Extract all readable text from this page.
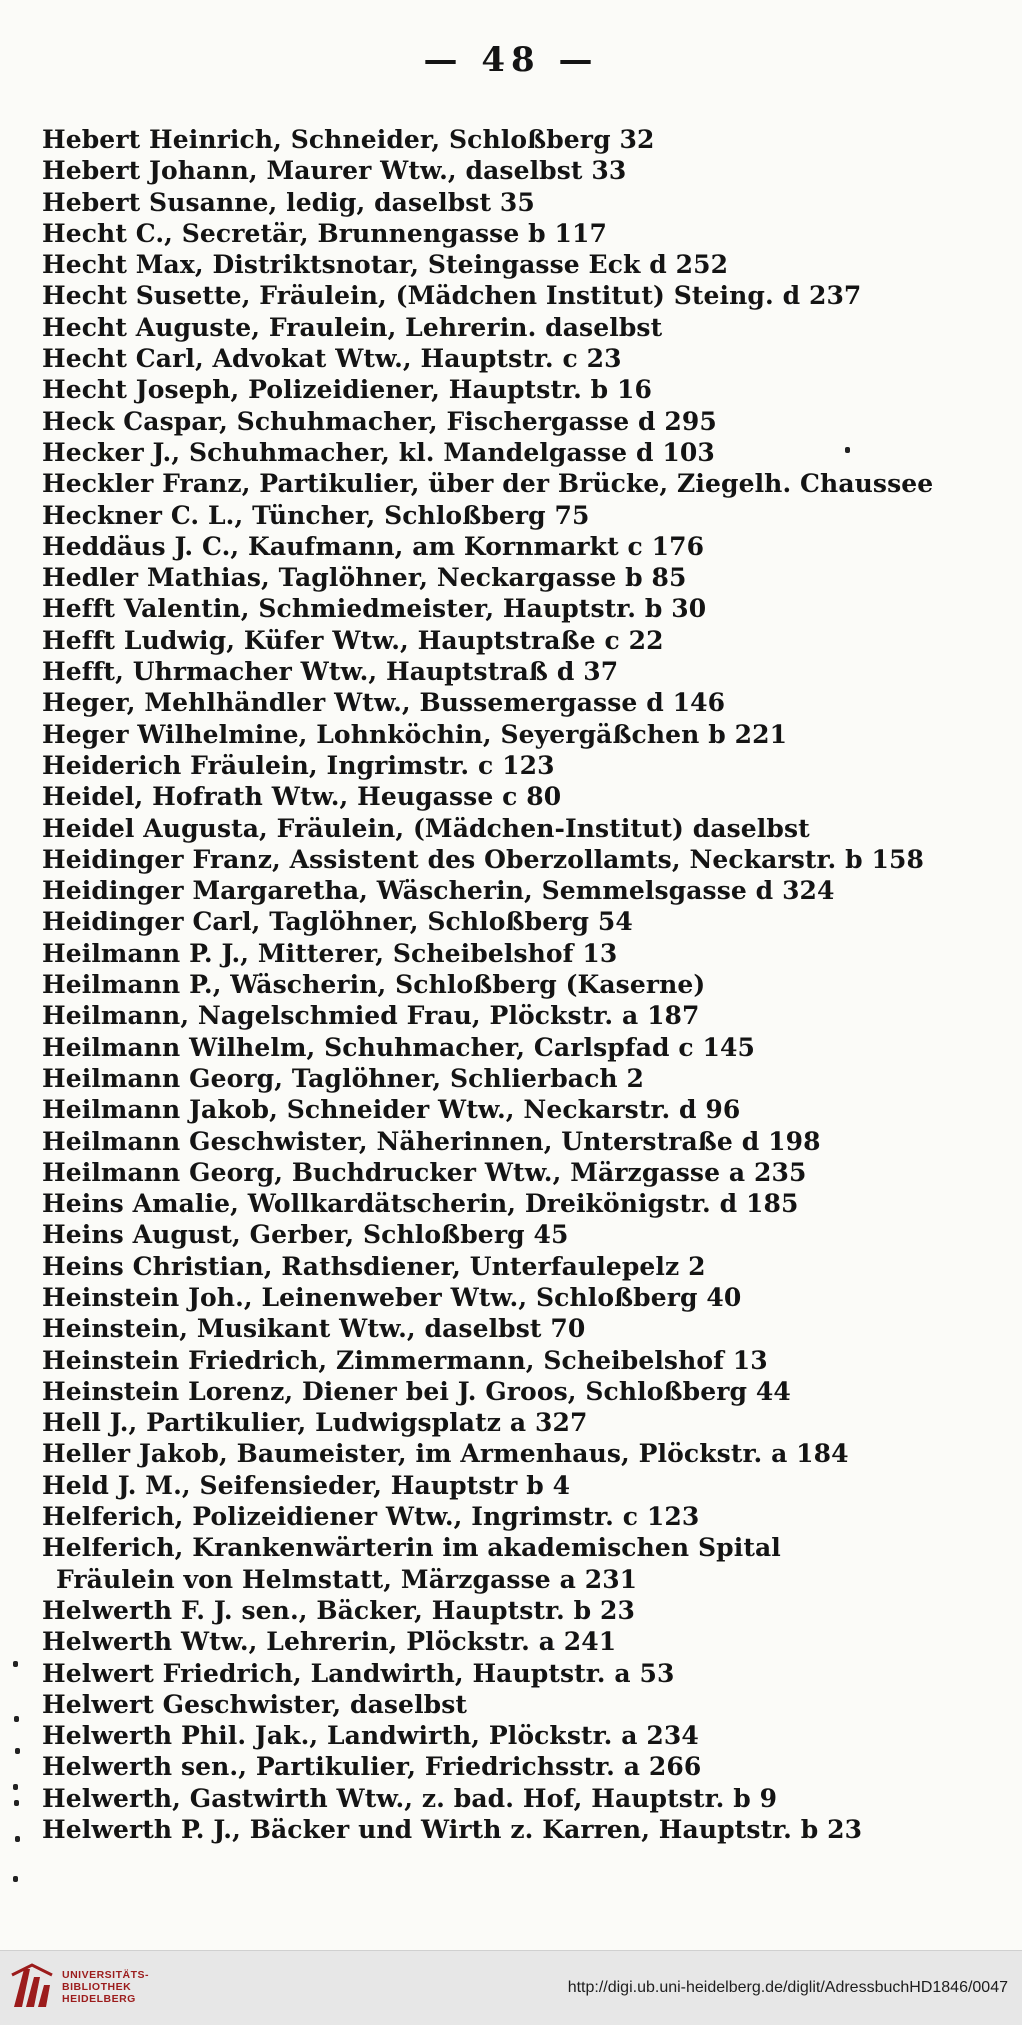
— 48 —
Hebert Heinrich, Schneider, Schloßberg 32
Hebert Johann, Maurer Wtw., daselbst 33
Hebert Susanne, ledig, daselbst 35
Hecht C., Secretär, Brunnengasse b 117
Hecht Max, Distriktsnotar, Steingasse Eck d 252
Hecht Susette, Fräulein, (Mädchen Institut) Steing. d 237
Hecht Auguste, Fraulein, Lehrerin. daselbst
Hecht Carl, Advokat Wtw., Hauptstr. c 23
Hecht Joseph, Polizeidiener, Hauptstr. b 16
Heck Caspar, Schuhmacher, Fischergasse d 295
Hecker J., Schuhmacher, kl. Mandelgasse d 103
Heckler Franz, Partikulier, über der Brücke, Ziegelh. Chaussee
Heckner C. L., Tüncher, Schloßberg 75
Heddäus J. C., Kaufmann, am Kornmarkt c 176
Hedler Mathias, Taglöhner, Neckargasse b 85
Hefft Valentin, Schmiedmeister, Hauptstr. b 30
Hefft Ludwig, Küfer Wtw., Hauptstraße c 22
Hefft, Uhrmacher Wtw., Hauptstraß d 37
Heger, Mehlhändler Wtw., Bussemergasse d 146
Heger Wilhelmine, Lohnköchin, Seyergäßchen b 221
Heiderich Fräulein, Ingrimstr. c 123
Heidel, Hofrath Wtw., Heugasse c 80
Heidel Augusta, Fräulein, (Mädchen-Institut) daselbst
Heidinger Franz, Assistent des Oberzollamts, Neckarstr. b 158
Heidinger Margaretha, Wäscherin, Semmelsgasse d 324
Heidinger Carl, Taglöhner, Schloßberg 54
Heilmann P. J., Mitterer, Scheibelshof 13
Heilmann P., Wäscherin, Schloßberg (Kaserne)
Heilmann, Nagelschmied Frau, Plöckstr. a 187
Heilmann Wilhelm, Schuhmacher, Carlspfad c 145
Heilmann Georg, Taglöhner, Schlierbach 2
Heilmann Jakob, Schneider Wtw., Neckarstr. d 96
Heilmann Geschwister, Näherinnen, Unterstraße d 198
Heilmann Georg, Buchdrucker Wtw., Märzgasse a 235
Heins Amalie, Wollkardätscherin, Dreikönigstr. d 185
Heins August, Gerber, Schloßberg 45
Heins Christian, Rathsdiener, Unterfaulepelz 2
Heinstein Joh., Leinenweber Wtw., Schloßberg 40
Heinstein, Musikant Wtw., daselbst 70
Heinstein Friedrich, Zimmermann, Scheibelshof 13
Heinstein Lorenz, Diener bei J. Groos, Schloßberg 44
Hell J., Partikulier, Ludwigsplatz a 327
Heller Jakob, Baumeister, im Armenhaus, Plöckstr. a 184
Held J. M., Seifensieder, Hauptstr b 4
Helferich, Polizeidiener Wtw., Ingrimstr. c 123
Helferich, Krankenwärterin im akademischen Spital
Fräulein von Helmstatt, Märzgasse a 231
Helwerth F. J. sen., Bäcker, Hauptstr. b 23
Helwerth Wtw., Lehrerin, Plöckstr. a 241
Helwert Friedrich, Landwirth, Hauptstr. a 53
Helwert Geschwister, daselbst
Helwerth Phil. Jak., Landwirth, Plöckstr. a 234
Helwerth sen., Partikulier, Friedrichsstr. a 266
Helwerth, Gastwirth Wtw., z. bad. Hof, Hauptstr. b 9
Helwerth P. J., Bäcker und Wirth z. Karren, Hauptstr. b 23
UNIVERSITÄTS-
BIBLIOTHEK
HEIDELBERG
http://digi.ub.uni-heidelberg.de/diglit/AdressbuchHD1846/0047
